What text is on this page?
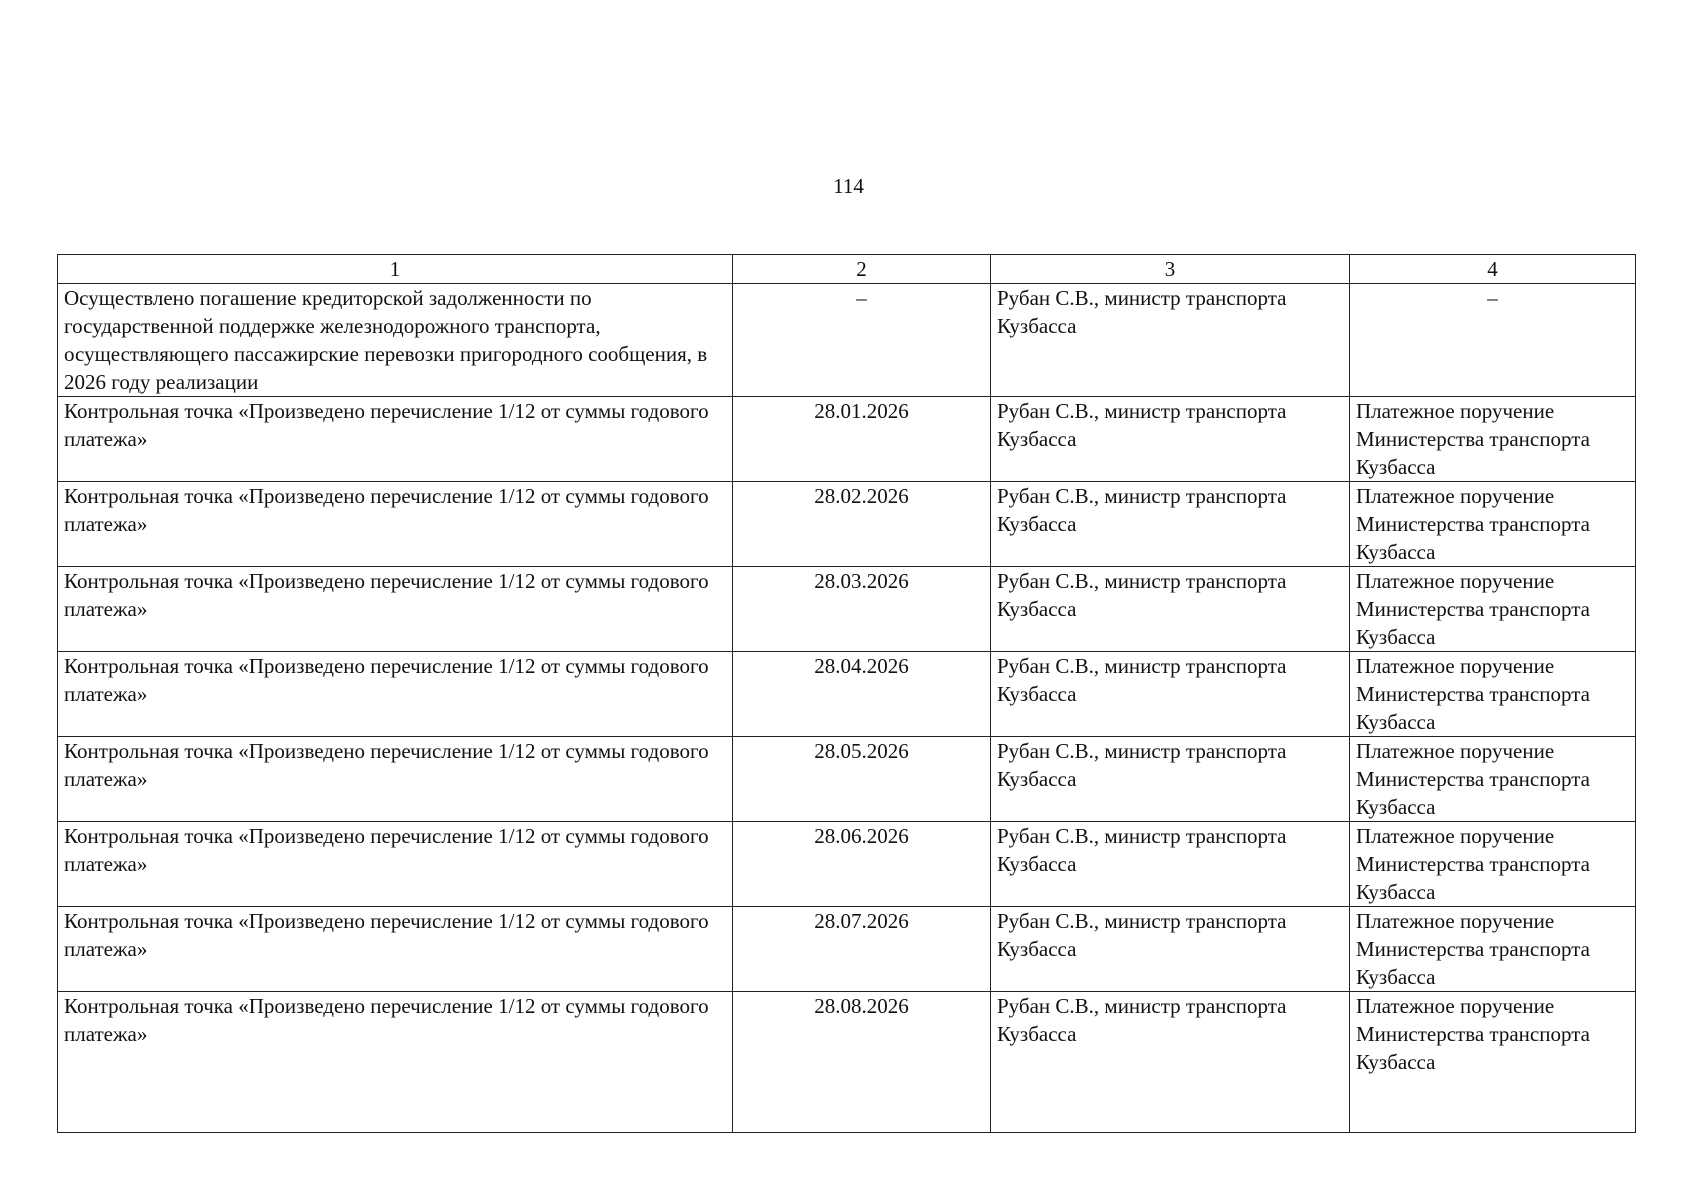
114
1	2	3	4
Осуществлено погашение кредиторской задолженности по государственной поддержке железнодорожного транспорта, осуществляющего пассажирские перевозки пригородного сообщения, в 2026 году реализации	–	Рубан С.В., министр транспорта Кузбасса	–
Контрольная точка «Произведено перечисление 1/12 от суммы годового платежа»	28.01.2026	Рубан С.В., министр транспорта Кузбасса	Платежное поручение Министерства транспорта Кузбасса
Контрольная точка «Произведено перечисление 1/12 от суммы годового платежа»	28.02.2026	Рубан С.В., министр транспорта Кузбасса	Платежное поручение Министерства транспорта Кузбасса
Контрольная точка «Произведено перечисление 1/12 от суммы годового платежа»	28.03.2026	Рубан С.В., министр транспорта Кузбасса	Платежное поручение Министерства транспорта Кузбасса
Контрольная точка «Произведено перечисление 1/12 от суммы годового платежа»	28.04.2026	Рубан С.В., министр транспорта Кузбасса	Платежное поручение Министерства транспорта Кузбасса
Контрольная точка «Произведено перечисление 1/12 от суммы годового платежа»	28.05.2026	Рубан С.В., министр транспорта Кузбасса	Платежное поручение Министерства транспорта Кузбасса
Контрольная точка «Произведено перечисление 1/12 от суммы годового платежа»	28.06.2026	Рубан С.В., министр транспорта Кузбасса	Платежное поручение Министерства транспорта Кузбасса
Контрольная точка «Произведено перечисление 1/12 от суммы годового платежа»	28.07.2026	Рубан С.В., министр транспорта Кузбасса	Платежное поручение Министерства транспорта Кузбасса
Контрольная точка «Произведено перечисление 1/12 от суммы годового платежа»	28.08.2026	Рубан С.В., министр транспорта Кузбасса	Платежное поручение Министерства транспорта Кузбасса
